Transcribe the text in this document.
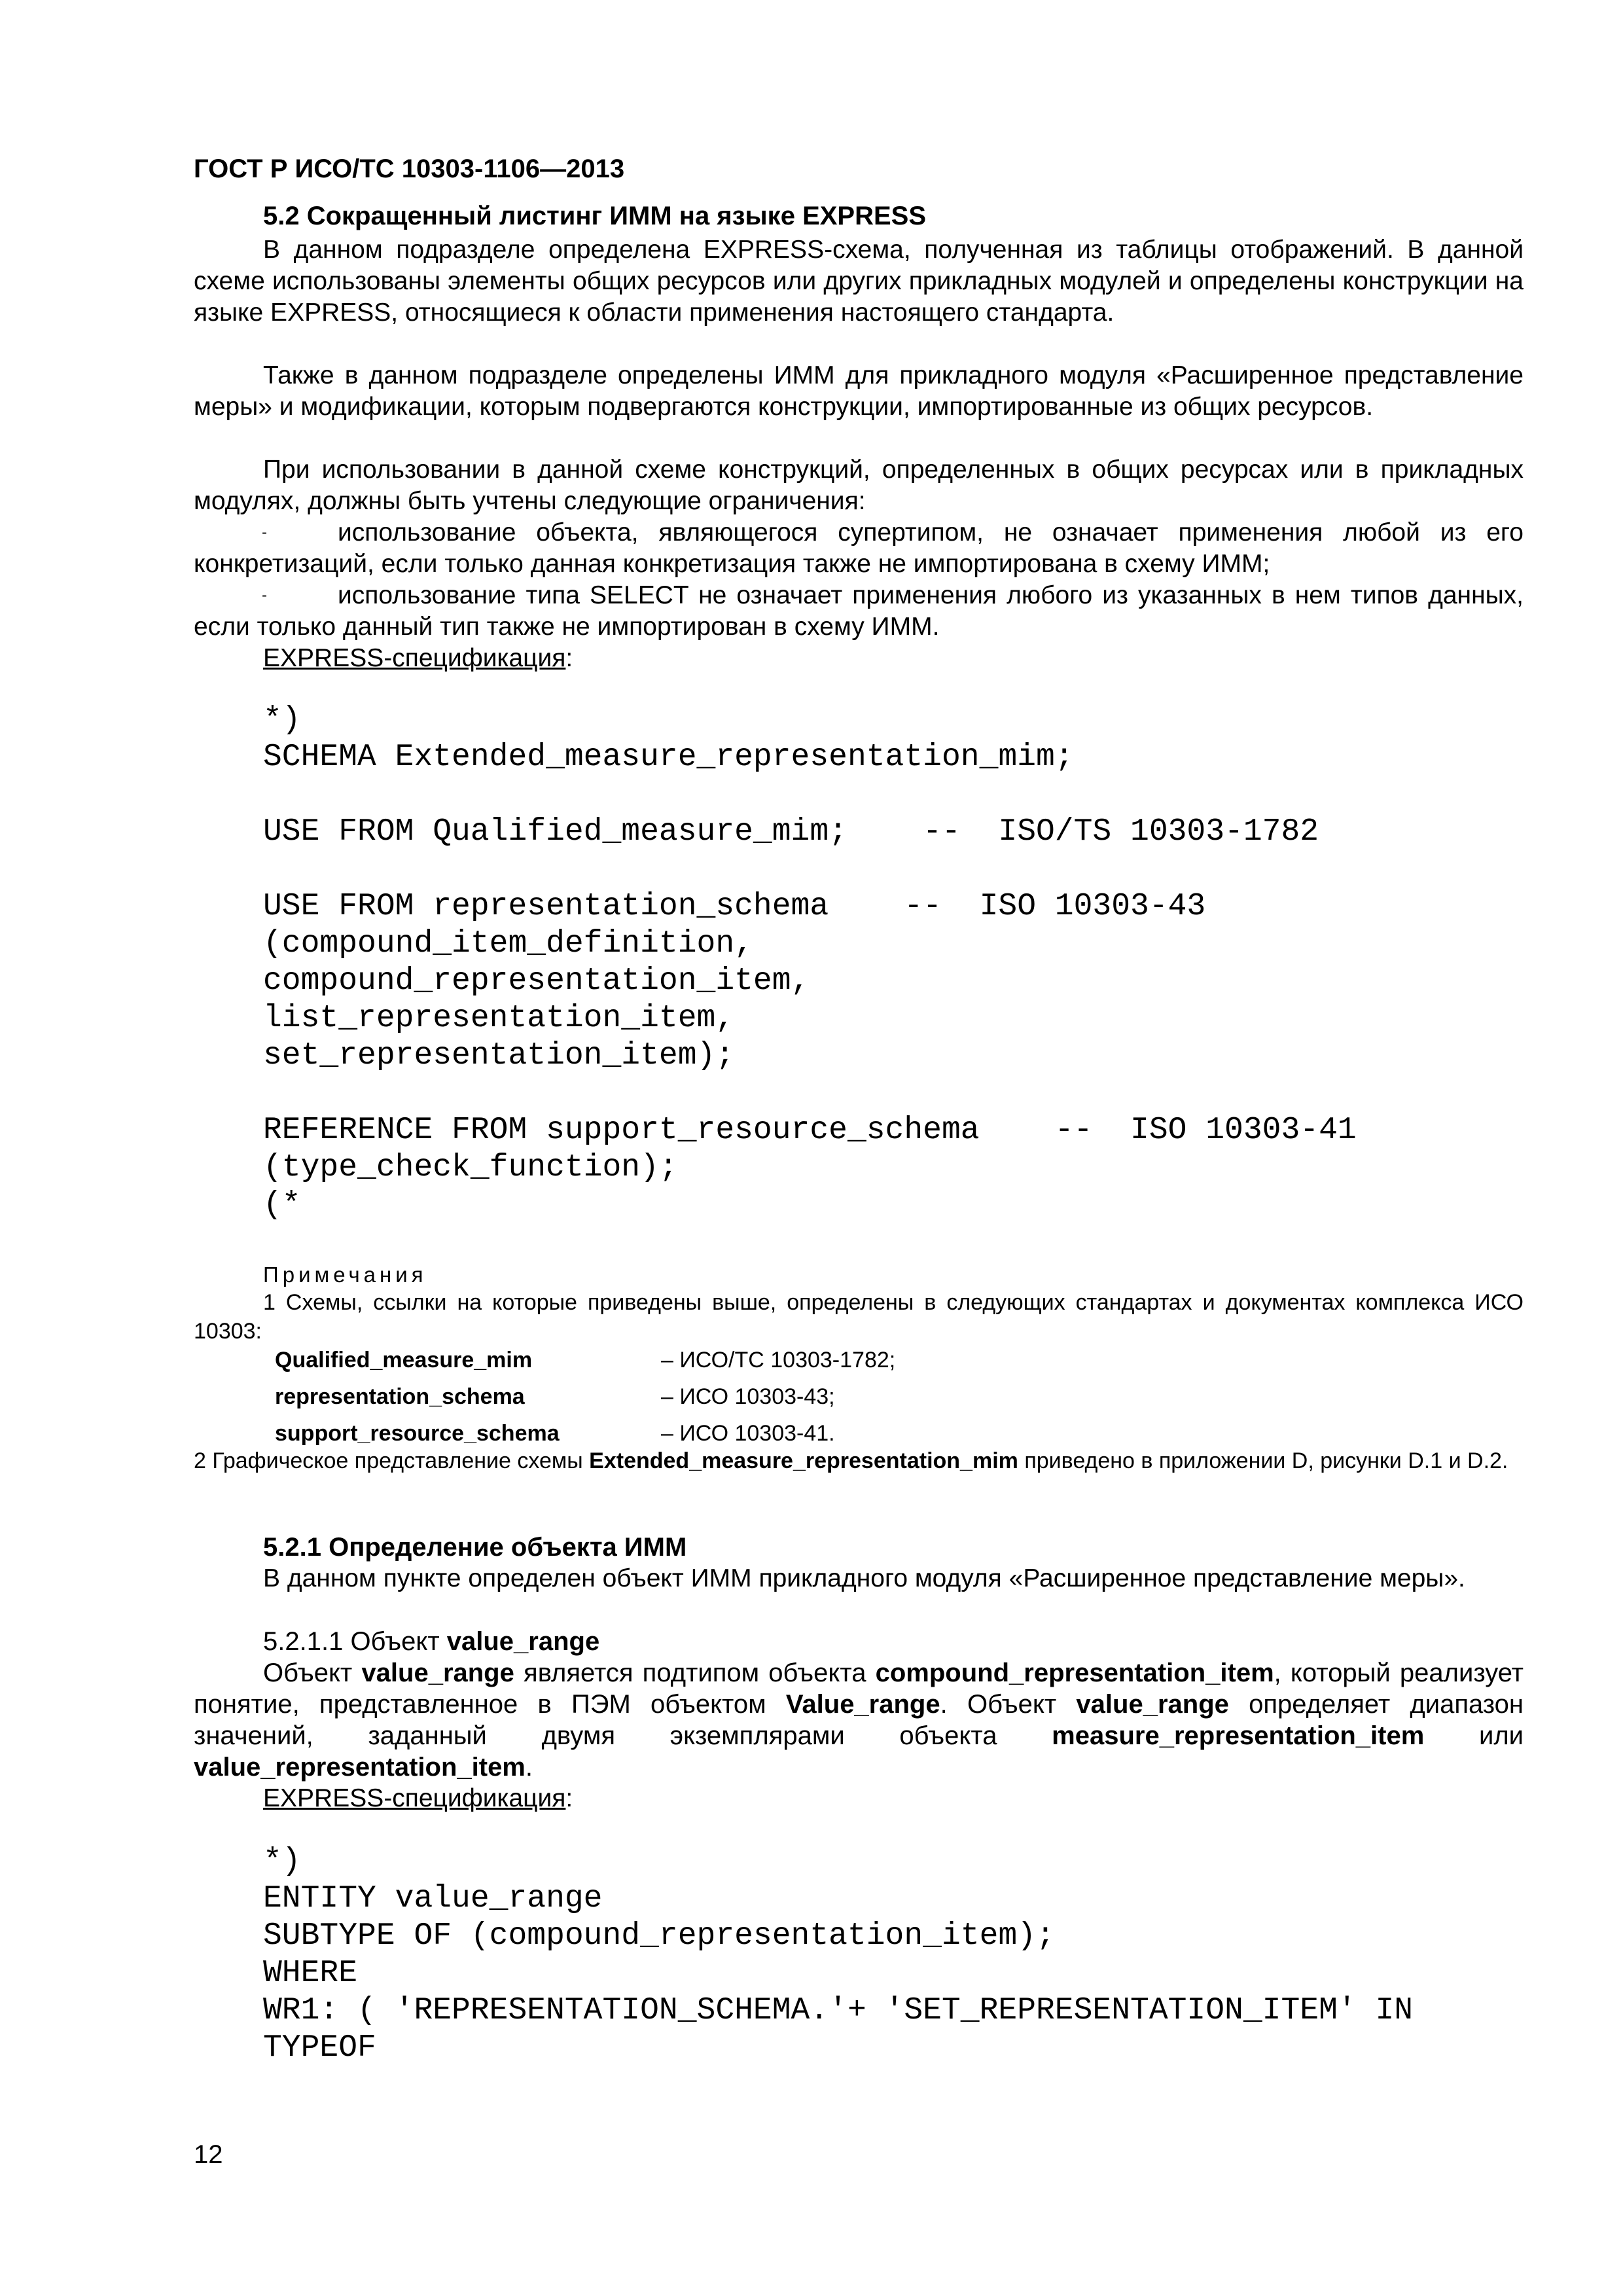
ГОСТ Р ИСО/ТС 10303-1106—2013
5.2 Сокращенный листинг ИММ на языке EXPRESS

В данном подразделе определена EXPRESS-схема, полученная из таблицы отображений. В данной схеме использованы элементы общих ресурсов или других прикладных модулей и определены конструкции на языке EXPRESS, относящиеся к области применения настоящего стандарта.

Также в данном подразделе определены ИММ для прикладного модуля «Расширенное представление меры» и модификации, которым подвергаются конструкции, импортированные из общих ресурсов.

При использовании в данной схеме конструкций, определенных в общих ресурсах или в прикладных модулях, должны быть учтены следующие ограничения:

-	использование объекта, являющегося супертипом, не означает применения любой из его конкретизаций, если только данная конкретизация также не импортирована в схему ИММ;

-	использование типа SELECT не означает применения любого из указанных в нем типов данных, если только данный тип также не импортирован в схему ИММ.

EXPRESS-спецификация:
*)
SCHEMA Extended_measure_representation_mim;

USE FROM Qualified_measure_mim;    --  ISO/TS 10303-1782

USE FROM representation_schema    --  ISO 10303-43
(compound_item_definition,
compound_representation_item,
list_representation_item,
set_representation_item);

REFERENCE FROM support_resource_schema    --  ISO 10303-41
(type_check_function);
(*
Примечания

1 Схемы, ссылки на которые приведены выше, определены в следующих стандартах и документах комплекса ИСО 10303:

Qualified_measure_mim	– ИСО/ТС 10303-1782;
representation_schema	– ИСО 10303-43;
support_resource_schema	– ИСО 10303-41.

2 Графическое представление схемы Extended_measure_representation_mim приведено в приложении D, рисунки D.1 и D.2.

5.2.1 Определение объекта ИММ

В данном пункте определен объект ИММ прикладного модуля «Расширенное представление меры».

5.2.1.1 Объект value_range

Объект value_range является подтипом объекта compound_representation_item, который реализует понятие, представленное в ПЭМ объектом Value_range. Объект value_range определяет диапазон значений, заданный двумя экземплярами объекта measure_representation_item или value_representation_item.

EXPRESS-спецификация:
*)
ENTITY value_range
SUBTYPE OF (compound_representation_item);
WHERE
WR1: ( 'REPRESENTATION_SCHEMA.'+ 'SET_REPRESENTATION_ITEM' IN
TYPEOF
12
